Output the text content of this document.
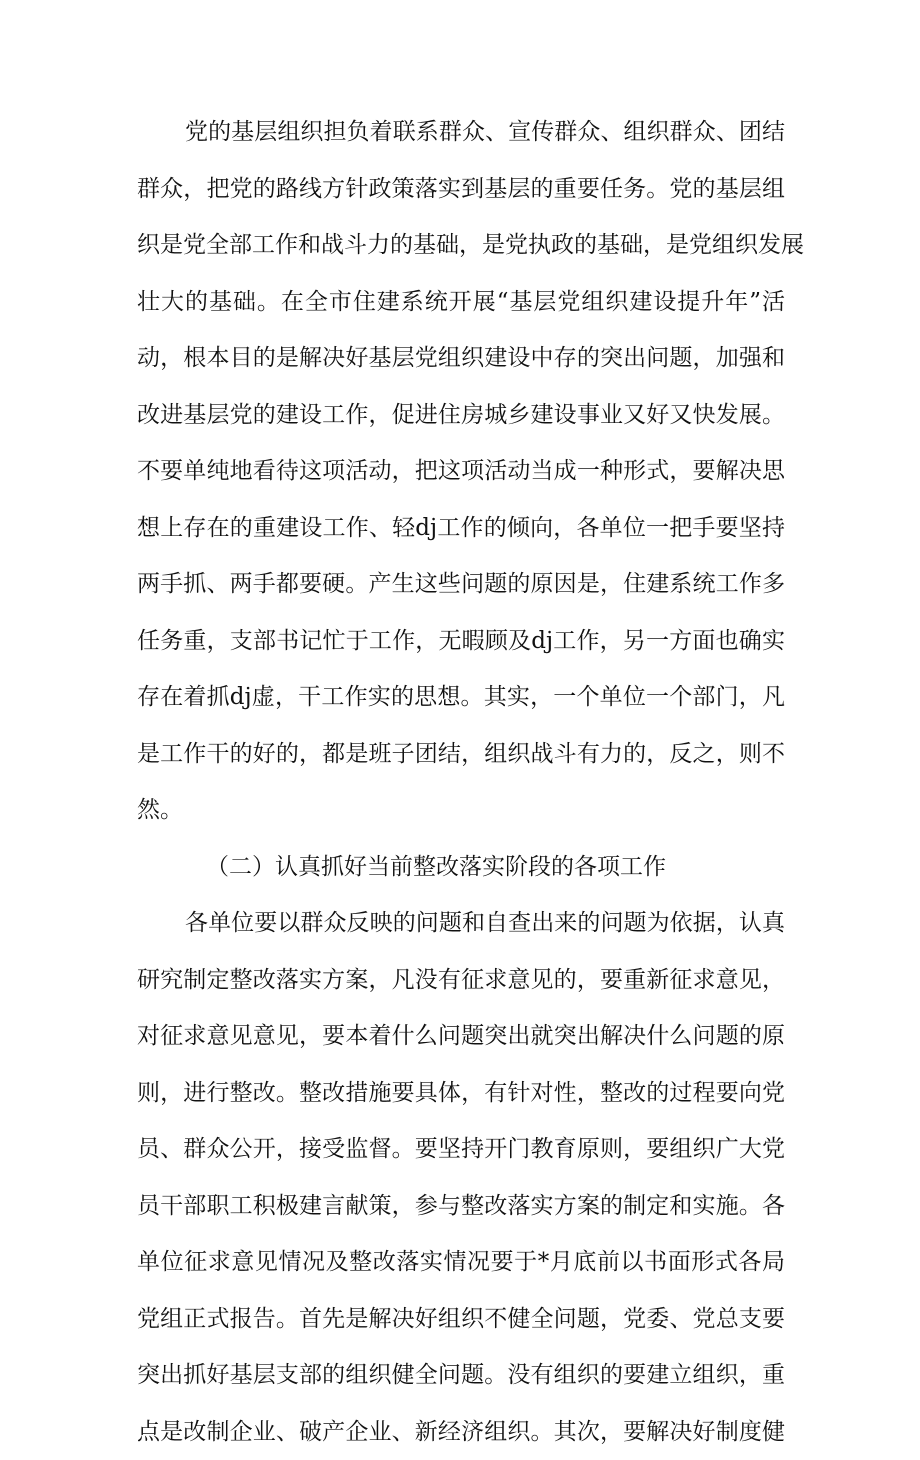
党的基层组织担负着联系群众、宣传群众、组织群众、团结
群众，把党的路线方针政策落实到基层的重要任务。党的基层组
织是党全部工作和战斗力的基础，是党执政的基础，是党组织发展
壮大的基础。在全市住建系统开展“基层党组织建设提升年”活
动，根本目的是解决好基层党组织建设中存的突出问题，加强和
改进基层党的建设工作，促进住房城乡建设事业又好又快发展。
不要单纯地看待这项活动，把这项活动当成一种形式，要解决思
想上存在的重建设工作、轻dj工作的倾向，各单位一把手要坚持
两手抓、两手都要硬。产生这些问题的原因是，住建系统工作多
任务重，支部书记忙于工作，无暇顾及dj工作，另一方面也确实
存在着抓dj虚，干工作实的思想。其实，一个单位一个部门，凡
是工作干的好的，都是班子团结，组织战斗有力的，反之，则不
然。
（二）认真抓好当前整改落实阶段的各项工作
各单位要以群众反映的问题和自查出来的问题为依据，认真
研究制定整改落实方案，凡没有征求意见的，要重新征求意见，
对征求意见意见，要本着什么问题突出就突出解决什么问题的原
则，进行整改。整改措施要具体，有针对性，整改的过程要向党
员、群众公开，接受监督。要坚持开门教育原则，要组织广大党
员干部职工积极建言献策，参与整改落实方案的制定和实施。各
单位征求意见情况及整改落实情况要于*月底前以书面形式各局
党组正式报告。首先是解决好组织不健全问题，党委、党总支要
突出抓好基层支部的组织健全问题。没有组织的要建立组织，重
点是改制企业、破产企业、新经济组织。其次，要解决好制度健
